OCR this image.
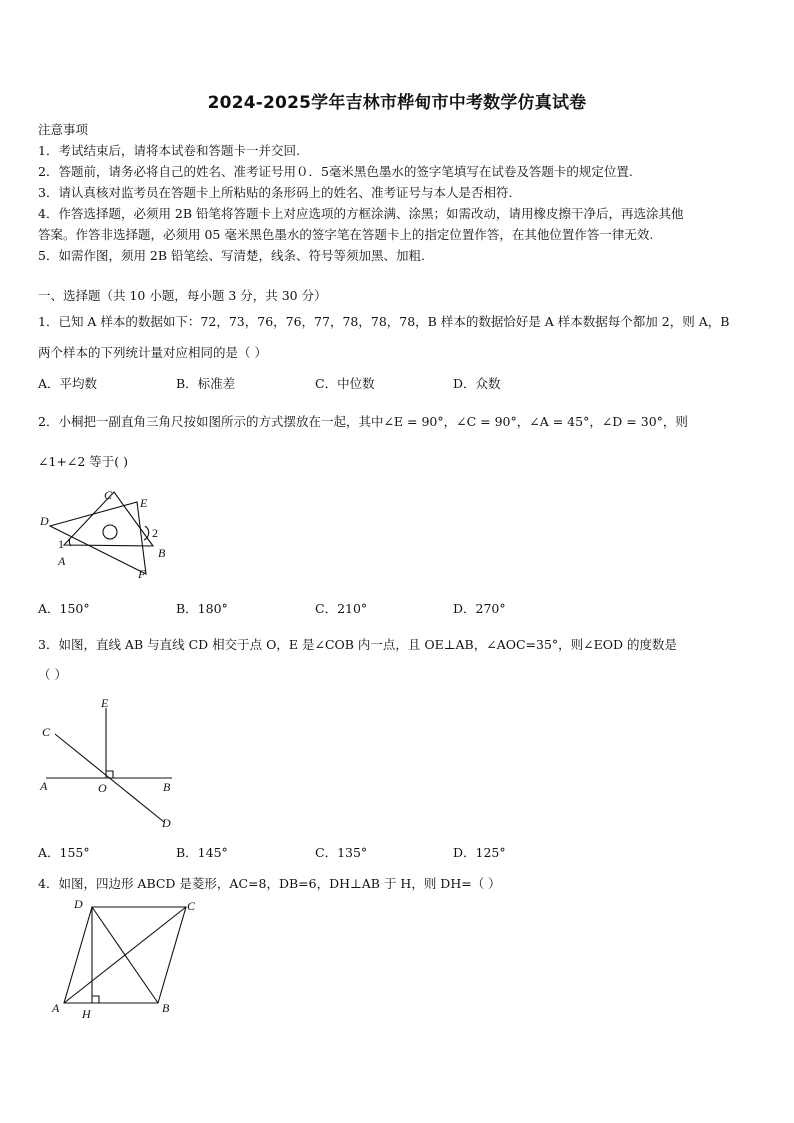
2024-2025学年吉林市桦甸市中考数学仿真试卷
注意事项
1．考试结束后，请将本试卷和答题卡一并交回.
2．答题前，请务必将自己的姓名、准考证号用０．5毫米黑色墨水的签字笔填写在试卷及答题卡的规定位置.
3．请认真核对监考员在答题卡上所粘贴的条形码上的姓名、准考证号与本人是否相符.
4．作答选择题，必须用 2B 铅笔将答题卡上对应选项的方框涂满、涂黑；如需改动，请用橡皮擦干净后，再选涂其他
答案。作答非选择题，必须用 05 毫米黑色墨水的签字笔在答题卡上的指定位置作答，在其他位置作答一律无效.
5．如需作图，须用 2B 铅笔绘、写清楚，线条、符号等须加黑、加粗.
一、选择题（共 10 小题，每小题 3 分，共 30 分）
1．已知 A 样本的数据如下：72，73，76，76，77，78，78，78，B 样本的数据恰好是 A 样本数据每个都加 2，则 A，B
两个样本的下列统计量对应相同的是（ ）
A．平均数	B．标准差	C．中位数	D．众数
2．小桐把一副直角三角尺按如图所示的方式摆放在一起，其中∠E = 90°，∠C = 90°，∠A = 45°，∠D = 30°，则
∠1+∠2 等于( )
C
E
D
1
2
A
B
F
A．150°	B．180°	C．210°	D．270°
3．如图，直线 AB 与直线 CD 相交于点 O，E 是∠COB 内一点，且 OE⊥AB，∠AOC=35°，则∠EOD 的度数是
（ ）
E
C
A	O	B
D
A．155°	B．145°	C．135°	D．125°
4．如图，四边形 ABCD 是菱形，AC=8，DB=6，DH⊥AB 于 H，则 DH=（ ）
D	C
A H	B
